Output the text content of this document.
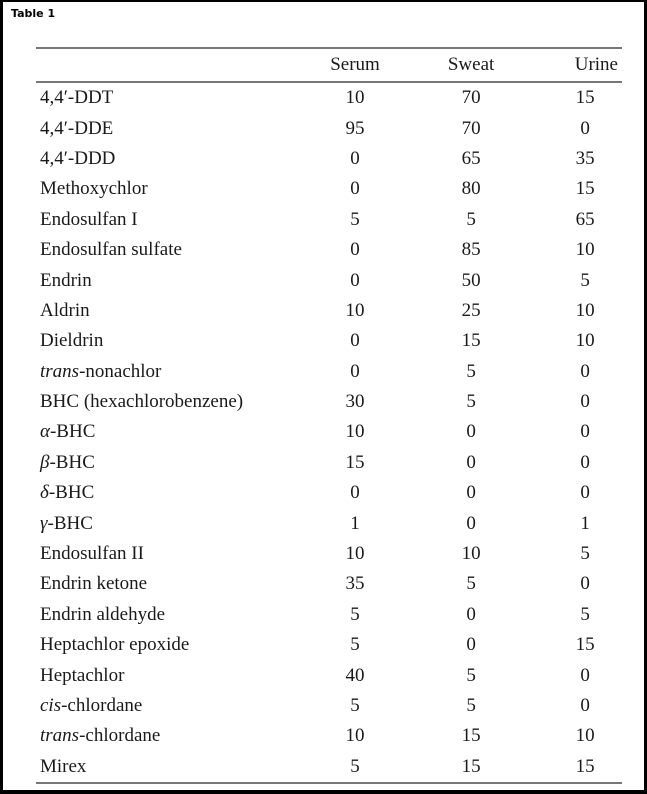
Table 1
	Serum	Sweat	Urine
4,4′-DDT	10	70	15
4,4′-DDE	95	70	0
4,4′-DDD	0	65	35
Methoxychlor	0	80	15
Endosulfan I	5	5	65
Endosulfan sulfate	0	85	10
Endrin	0	50	5
Aldrin	10	25	10
Dieldrin	0	15	10
trans-nonachlor	0	5	0
BHC (hexachlorobenzene)	30	5	0
α-BHC	10	0	0
β-BHC	15	0	0
δ-BHC	0	0	0
γ-BHC	1	0	1
Endosulfan II	10	10	5
Endrin ketone	35	5	0
Endrin aldehyde	5	0	5
Heptachlor epoxide	5	0	15
Heptachlor	40	5	0
cis-chlordane	5	5	0
trans-chlordane	10	15	10
Mirex	5	15	15
